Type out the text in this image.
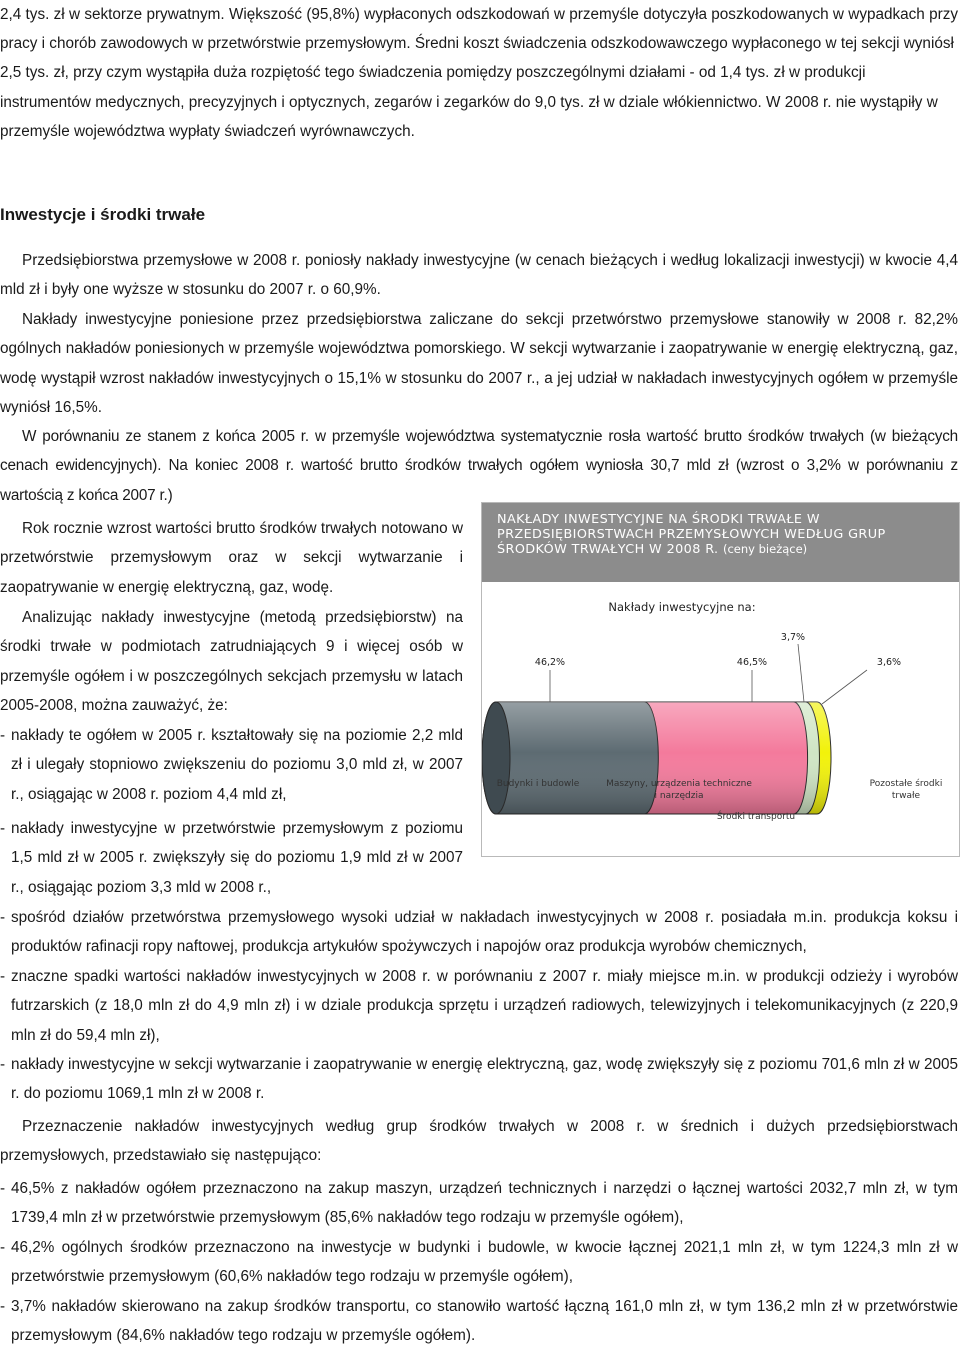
2,4 tys. zł w sektorze prywatnym. Większość (95,8%) wypłaconych odszkodowań w przemyśle dotyczyła poszkodowanych w wypadkach przy
pracy i chorób zawodowych w przetwórstwie przemysłowym. Średni koszt świadczenia odszkodowawczego wypłaconego w tej sekcji wyniósł 2,5 tys. zł, przy czym wystąpiła duża rozpiętość tego świadczenia pomiędzy poszczególnymi działami - od 1,4 tys. zł w produkcji instrumentów medycznych, precyzyjnych i optycznych, zegarów i zegarków do 9,0 tys. zł w dziale włókiennictwo. W 2008 r. nie wystąpiły w przemyśle województwa wypłaty świadczeń wyrównawczych.
Inwestycje i środki trwałe
Przedsiębiorstwa przemysłowe w 2008 r. poniosły nakłady inwestycyjne (w cenach bieżących i według lokalizacji inwestycji) w kwocie 4,4 mld zł i były one wyższe w stosunku do 2007 r. o 60,9%.
Nakłady inwestycyjne poniesione przez przedsiębiorstwa zaliczane do sekcji przetwórstwo przemysłowe stanowiły w 2008 r. 82,2% ogólnych nakładów poniesionych w przemyśle województwa pomorskiego. W sekcji wytwarzanie i zaopatrywanie w energię elektryczną, gaz, wodę wystąpił wzrost nakładów inwestycyjnych o 15,1% w stosunku do 2007 r., a jej udział w nakładach inwestycyjnych ogółem w przemyśle wyniósł 16,5%.
W porównaniu ze stanem z końca 2005 r. w przemyśle województwa systematycznie rosła wartość brutto środków trwałych (w bieżących cenach ewidencyjnych). Na koniec 2008 r. wartość brutto środków trwałych ogółem wyniosła 30,7 mld zł (wzrost o 3,2% w porównaniu z wartością z końca 2007 r.)
Rok rocznie wzrost wartości brutto środków trwałych notowano w przetwórstwie przemysłowym oraz w sekcji wytwarzanie i zaopatrywanie w energię elektryczną, gaz, wodę.
Analizując nakłady inwestycyjne (metodą przedsiębiorstw) na środki trwałe w podmiotach zatrudniających 9 i więcej osób w przemyśle ogółem i w poszczególnych sekcjach przemysłu w latach 2005-2008, można zauważyć, że:
- nakłady te ogółem w 2005 r. kształtowały się na poziomie 2,2 mld zł i ulegały stopniowo zwiększeniu do poziomu 3,0 mld zł, w 2007 r., osiągając w 2008 r. poziom 4,4 mld zł,
- nakłady inwestycyjne w przetwórstwie przemysłowym z poziomu 1,5 mld zł w 2005 r. zwiększyły się do poziomu 1,9 mld zł w 2007 r., osiągając poziom 3,3 mld w 2008 r.,
- spośród działów przetwórstwa przemysłowego wysoki udział w nakładach inwestycyjnych w 2008 r. posiadała m.in. produkcja koksu i produktów rafinacji ropy naftowej, produkcja artykułów spożywczych i napojów oraz produkcja wyrobów chemicznych,
- znaczne spadki wartości nakładów inwestycyjnych w 2008 r. w porównaniu z 2007 r. miały miejsce m.in. w produkcji odzieży i wyrobów futrzarskich (z 18,0 mln zł do 4,9 mln zł) i w dziale produkcja sprzętu i urządzeń radiowych, telewizyjnych i telekomunikacyjnych (z 220,9 mln zł do 59,4 mln zł),
- nakłady inwestycyjne w sekcji wytwarzanie i zaopatrywanie w energię elektryczną, gaz, wodę zwiększyły się z poziomu 701,6 mln zł w 2005 r. do poziomu 1069,1 mln zł w 2008 r.
Przeznaczenie nakładów inwestycyjnych według grup środków trwałych w 2008 r. w średnich i dużych przedsiębiorstwach przemysłowych, przedstawiało się następująco:
- 46,5% z nakładów ogółem przeznaczono na zakup maszyn, urządzeń technicznych i narzędzi o łącznej wartości 2032,7 mln zł, w tym 1739,4 mln zł w przetwórstwie przemysłowym (85,6% nakładów tego rodzaju w przemyśle ogółem),
- 46,2% ogólnych środków przeznaczono na inwestycje w budynki i budowle, w kwocie łącznej 2021,1 mln zł, w tym 1224,3 mln zł w przetwórstwie przemysłowym (60,6% nakładów tego rodzaju w przemyśle ogółem),
- 3,7% nakładów skierowano na zakup środków transportu, co stanowiło wartość łączną 161,0 mln zł, w tym 136,2 mln zł w przetwórstwie przemysłowym (84,6% nakładów tego rodzaju w przemyśle ogółem).
NAKŁADY INWESTYCYJNE NA ŚRODKI TRWAŁE W PRZEDSIĘBIORSTWACH PRZEMYSŁOWYCH WEDŁUG GRUP ŚRODKÓW TRWAŁYCH W 2008 R. (ceny bieżące)
Nakłady inwestycyjne na:
46,2%	46,5%
3,7%
3,6%
Budynki i budowle	Maszyny, urządzenia techniczne i narzędzia
Środki transportu
Pozostałe środki trwałe
